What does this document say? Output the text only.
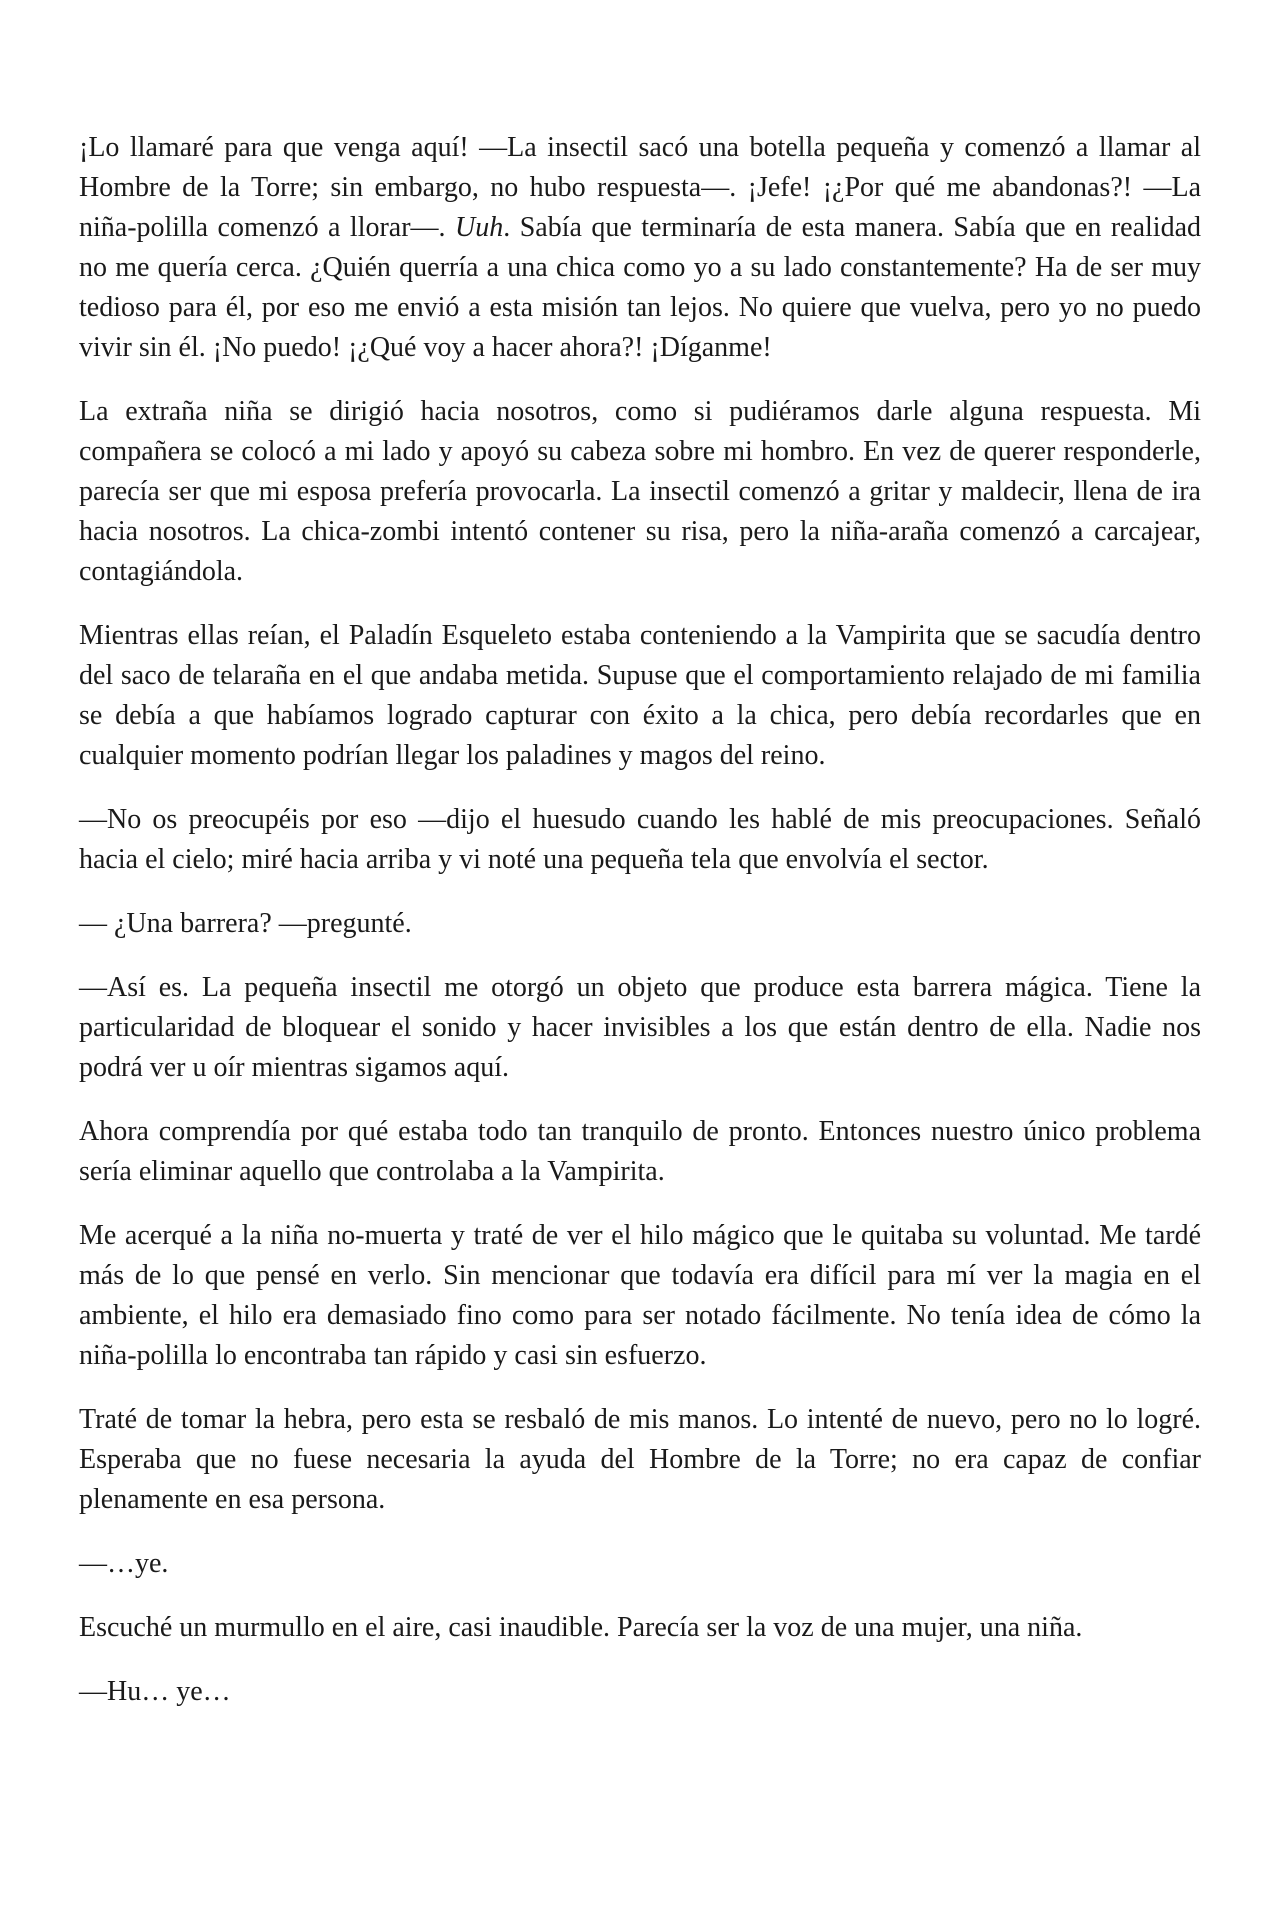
¡Lo llamaré para que venga aquí! —La insectil sacó una botella pequeña y comenzó a llamar al Hombre de la Torre; sin embargo, no hubo respuesta—. ¡Jefe! ¡¿Por qué me abandonas?! —La niña-polilla comenzó a llorar—. Uuh. Sabía que terminaría de esta manera. Sabía que en realidad no me quería cerca. ¿Quién querría a una chica como yo a su lado constantemente? Ha de ser muy tedioso para él, por eso me envió a esta misión tan lejos. No quiere que vuelva, pero yo no puedo vivir sin él. ¡No puedo! ¡¿Qué voy a hacer ahora?! ¡Díganme!

La extraña niña se dirigió hacia nosotros, como si pudiéramos darle alguna respuesta. Mi compañera se colocó a mi lado y apoyó su cabeza sobre mi hombro. En vez de querer responderle, parecía ser que mi esposa prefería provocarla. La insectil comenzó a gritar y maldecir, llena de ira hacia nosotros. La chica-zombi intentó contener su risa, pero la niña-araña comenzó a carcajear, contagiándola.

Mientras ellas reían, el Paladín Esqueleto estaba conteniendo a la Vampirita que se sacudía dentro del saco de telaraña en el que andaba metida. Supuse que el comportamiento relajado de mi familia se debía a que habíamos logrado capturar con éxito a la chica, pero debía recordarles que en cualquier momento podrían llegar los paladines y magos del reino.

—No os preocupéis por eso —dijo el huesudo cuando les hablé de mis preocupaciones. Señaló hacia el cielo; miré hacia arriba y vi noté una pequeña tela que envolvía el sector.

— ¿Una barrera? —pregunté.

—Así es. La pequeña insectil me otorgó un objeto que produce esta barrera mágica. Tiene la particularidad de bloquear el sonido y hacer invisibles a los que están dentro de ella. Nadie nos podrá ver u oír mientras sigamos aquí.

Ahora comprendía por qué estaba todo tan tranquilo de pronto. Entonces nuestro único problema sería eliminar aquello que controlaba a la Vampirita.

Me acerqué a la niña no-muerta y traté de ver el hilo mágico que le quitaba su voluntad. Me tardé más de lo que pensé en verlo. Sin mencionar que todavía era difícil para mí ver la magia en el ambiente, el hilo era demasiado fino como para ser notado fácilmente. No tenía idea de cómo la niña-polilla lo encontraba tan rápido y casi sin esfuerzo.

Traté de tomar la hebra, pero esta se resbaló de mis manos. Lo intenté de nuevo, pero no lo logré. Esperaba que no fuese necesaria la ayuda del Hombre de la Torre; no era capaz de confiar plenamente en esa persona.

—…ye.

Escuché un murmullo en el aire, casi inaudible. Parecía ser la voz de una mujer, una niña.

—Hu… ye…
